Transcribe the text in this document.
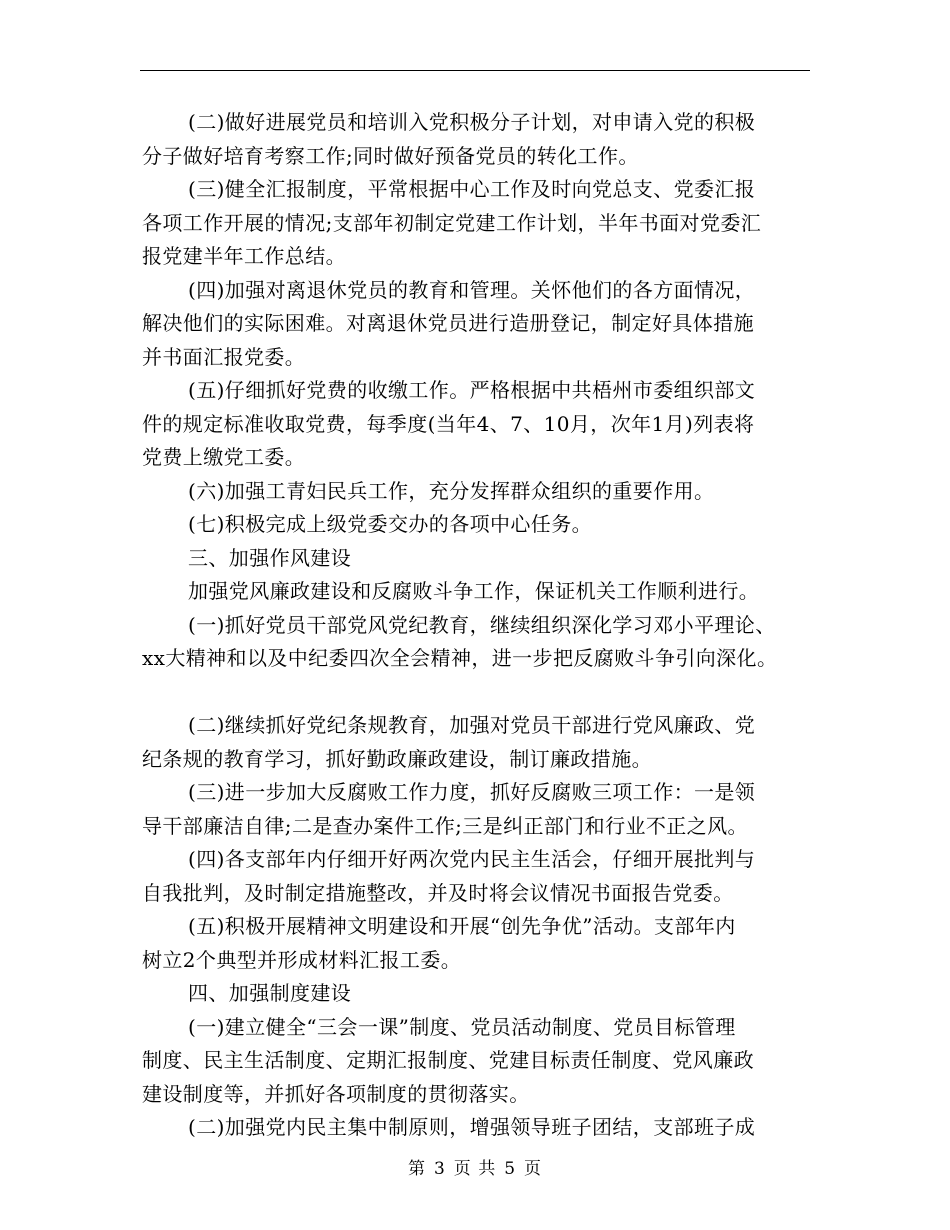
(二)做好进展党员和培训入党积极分子计划，对申请入党的积极
分子做好培育考察工作;同时做好预备党员的转化工作。
(三)健全汇报制度，平常根据中心工作及时向党总支、党委汇报
各项工作开展的情况;支部年初制定党建工作计划，半年书面对党委汇
报党建半年工作总结。
(四)加强对离退休党员的教育和管理。关怀他们的各方面情况，
解决他们的实际困难。对离退休党员进行造册登记，制定好具体措施
并书面汇报党委。
(五)仔细抓好党费的收缴工作。严格根据中共梧州市委组织部文
件的规定标准收取党费，每季度(当年4、7、10月，次年1月)列表将
党费上缴党工委。
(六)加强工青妇民兵工作，充分发挥群众组织的重要作用。
(七)积极完成上级党委交办的各项中心任务。
三、加强作风建设
加强党风廉政建设和反腐败斗争工作，保证机关工作顺利进行。
(一)抓好党员干部党风党纪教育，继续组织深化学习邓小平理论、
xx大精神和以及中纪委四次全会精神，进一步把反腐败斗争引向深化。
(二)继续抓好党纪条规教育，加强对党员干部进行党风廉政、党
纪条规的教育学习，抓好勤政廉政建设，制订廉政措施。
(三)进一步加大反腐败工作力度，抓好反腐败三项工作：一是领
导干部廉洁自律;二是查办案件工作;三是纠正部门和行业不正之风。
(四)各支部年内仔细开好两次党内民主生活会，仔细开展批判与
自我批判，及时制定措施整改，并及时将会议情况书面报告党委。
(五)积极开展精神文明建设和开展“创先争优”活动。支部年内
树立2个典型并形成材料汇报工委。
四、加强制度建设
(一)建立健全“三会一课”制度、党员活动制度、党员目标管理
制度、民主生活制度、定期汇报制度、党建目标责任制度、党风廉政
建设制度等，并抓好各项制度的贯彻落实。
(二)加强党内民主集中制原则，增强领导班子团结，支部班子成
第 3 页 共 5 页
